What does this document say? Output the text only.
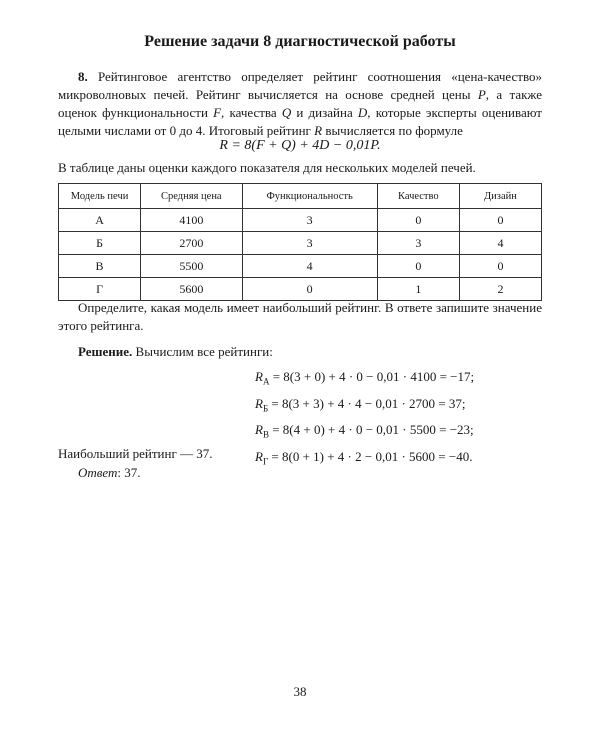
Решение задачи 8 диагностической работы
8. Рейтинговое агентство определяет рейтинг соотношения «цена-качество» микроволновых печей. Рейтинг вычисляется на основе средней цены P, а также оценок функциональности F, качества Q и дизайна D, которые эксперты оценивают целыми числами от 0 до 4. Итоговый рейтинг R вычисляется по формуле
R = 8(F + Q) + 4D − 0,01P.
В таблице даны оценки каждого показателя для нескольких моделей печей.
Модель печи	Средняя цена	Функциональность	Качество	Дизайн
А	4100	3	0	0
Б	2700	3	3	4
В	5500	4	0	0
Г	5600	0	1	2
Определите, какая модель имеет наибольший рейтинг. В ответе запишите значение этого рейтинга.
Решение. Вычислим все рейтинги:
$R_А = 8(3 + 0) + 4 \cdot 0 - 0,01 \cdot 4100 = -17$;
$R_Б = 8(3 + 3) + 4 \cdot 4 - 0,01 \cdot 2700 = 37$;
$R_В = 8(4 + 0) + 4 \cdot 0 - 0,01 \cdot 5500 = -23$;
$R_Г = 8(0 + 1) + 4 \cdot 2 - 0,01 \cdot 5600 = -40$.
Наибольший рейтинг — 37.
Ответ: 37.
38
